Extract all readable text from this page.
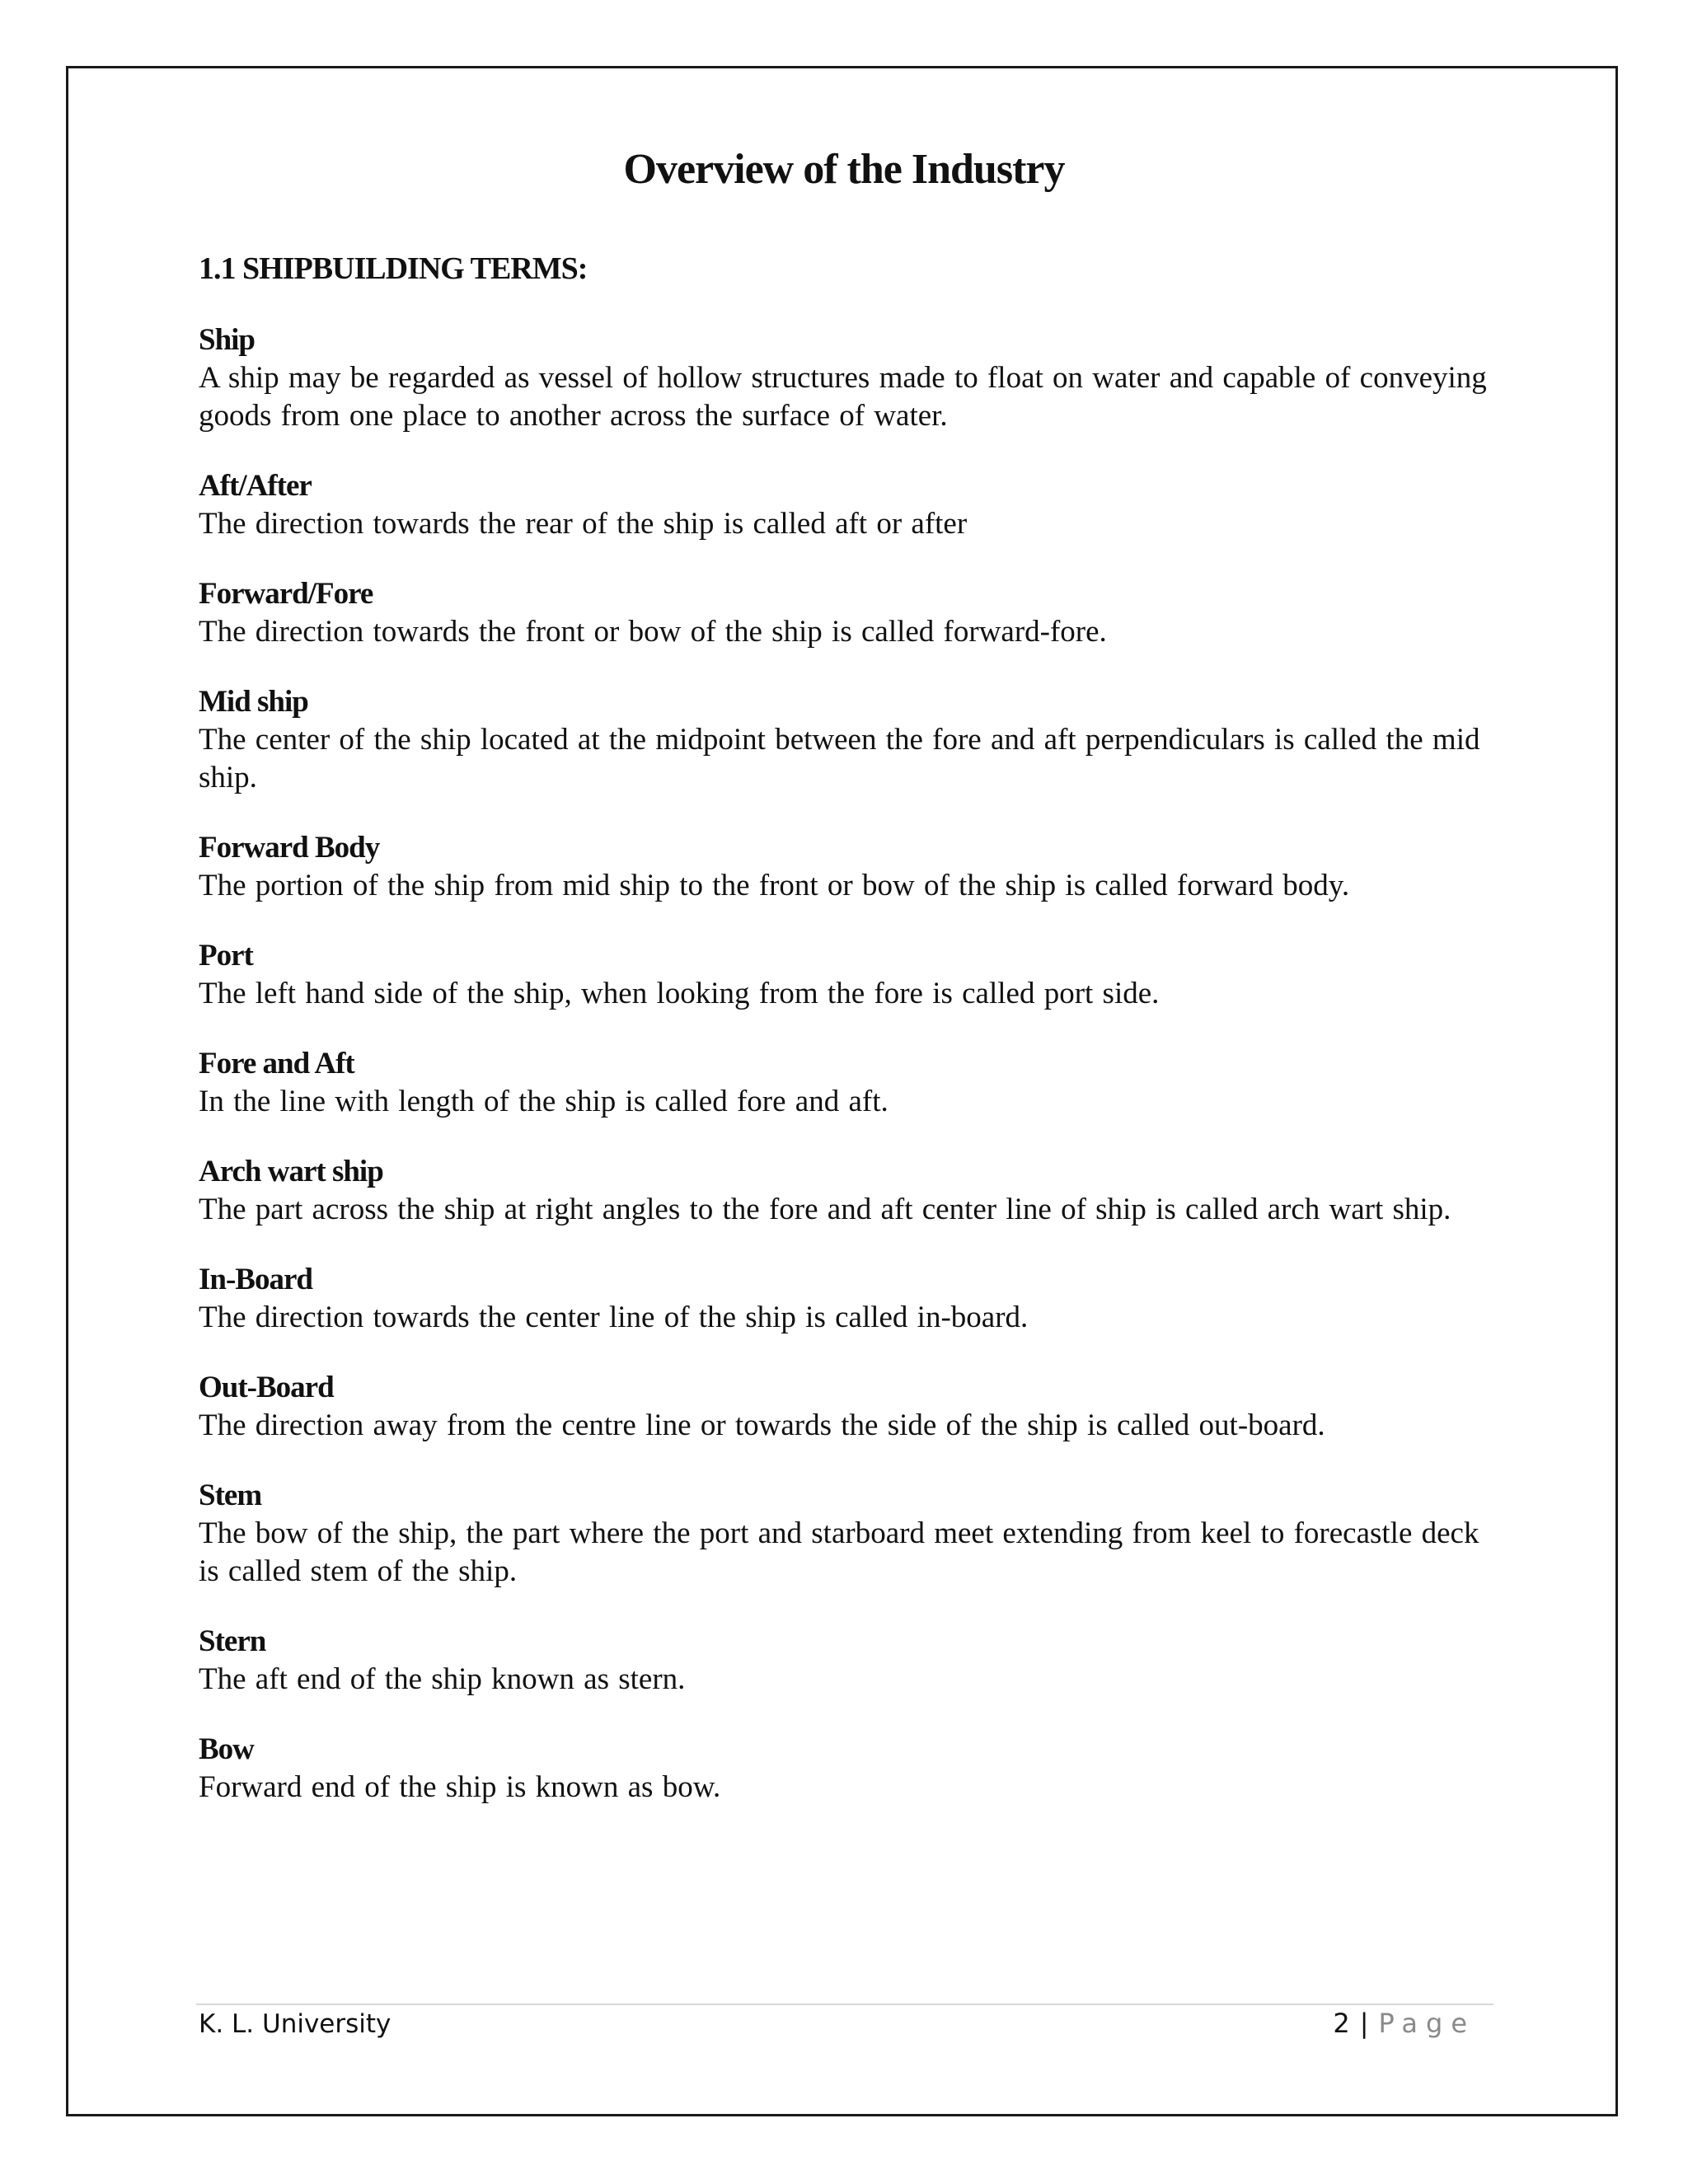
Overview of the Industry
1.1 SHIPBUILDING TERMS:
Ship
A ship may be regarded as vessel of hollow structures made to float on water and capable of conveying goods from one place to another across the surface of water.
Aft/After
The direction towards the rear of the ship is called aft or after
Forward/Fore
The direction towards the front or bow of the ship is called forward-fore.
Mid ship
The center of the ship located at the midpoint between the fore and aft perpendiculars is called the mid ship.
Forward Body
The portion of the ship from mid ship to the front or bow of the ship is called forward body.
Port
The left hand side of the ship, when looking from the fore is called port side.
Fore and Aft
In the line with length of the ship is called fore and aft.
Arch wart ship
The part across the ship at right angles to the fore and aft center line of ship is called arch wart ship.
In-Board
The direction towards the center line of the ship is called in-board.
Out-Board
The direction away from the centre line or towards the side of the ship is called out-board.
Stem
The bow of the ship, the part where the port and starboard meet extending from keel to forecastle deck is called stem of the ship.
Stern
The aft end of the ship known as stern.
Bow
Forward end of the ship is known as bow.
K. L. University	2 | Page
